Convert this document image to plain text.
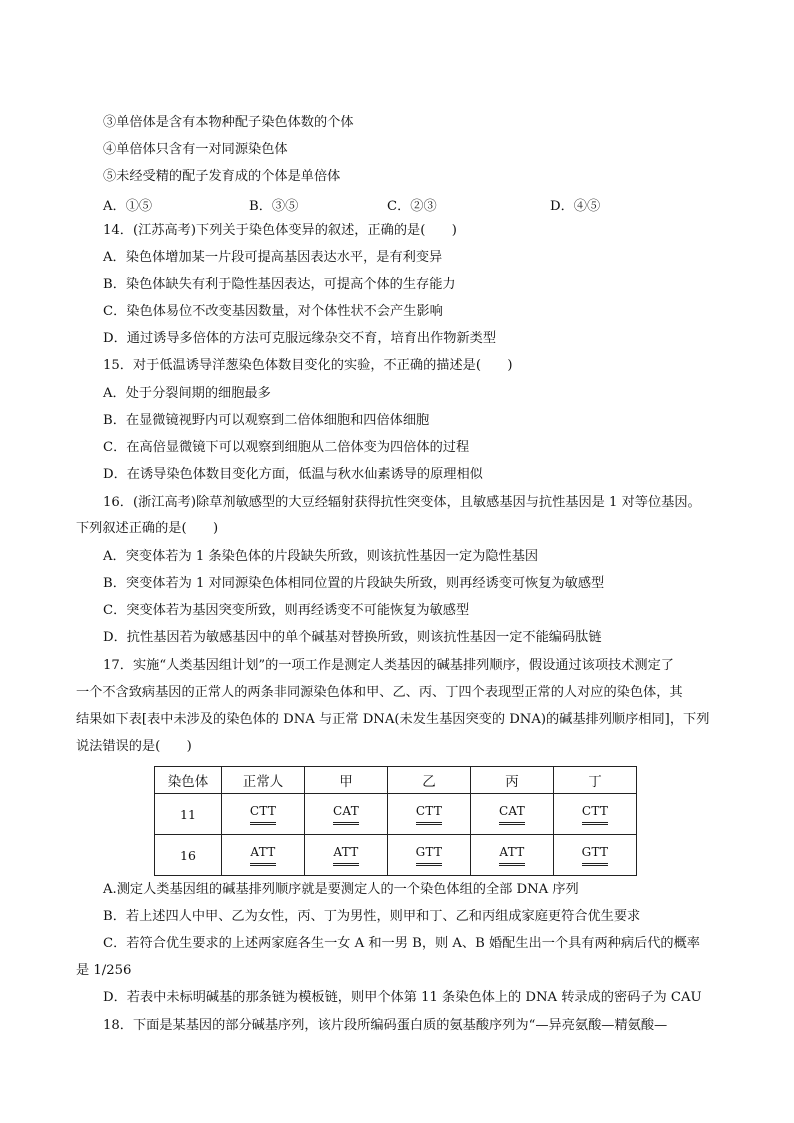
③单倍体是含有本物种配子染色体数的个体
④单倍体只含有一对同源染色体
⑤未经受精的配子发育成的个体是单倍体
A．①⑤	B．③⑤	C．②③	D．④⑤
14．(江苏高考)下列关于染色体变异的叙述，正确的是(　　)
A．染色体增加某一片段可提高基因表达水平，是有利变异
B．染色体缺失有利于隐性基因表达，可提高个体的生存能力
C．染色体易位不改变基因数量，对个体性状不会产生影响
D．通过诱导多倍体的方法可克服远缘杂交不育，培育出作物新类型
15．对于低温诱导洋葱染色体数目变化的实验，不正确的描述是(　　)
A．处于分裂间期的细胞最多
B．在显微镜视野内可以观察到二倍体细胞和四倍体细胞
C．在高倍显微镜下可以观察到细胞从二倍体变为四倍体的过程
D．在诱导染色体数目变化方面，低温与秋水仙素诱导的原理相似
16．(浙江高考)除草剂敏感型的大豆经辐射获得抗性突变体，且敏感基因与抗性基因是 1 对等位基因。
下列叙述正确的是(　　)
A．突变体若为 1 条染色体的片段缺失所致，则该抗性基因一定为隐性基因
B．突变体若为 1 对同源染色体相同位置的片段缺失所致，则再经诱变可恢复为敏感型
C．突变体若为基因突变所致，则再经诱变不可能恢复为敏感型
D．抗性基因若为敏感基因中的单个碱基对替换所致，则该抗性基因一定不能编码肽链
17．实施“人类基因组计划”的一项工作是测定人类基因的碱基排列顺序，假设通过该项技术测定了
一个不含致病基因的正常人的两条非同源染色体和甲、乙、丙、丁四个表现型正常的人对应的染色体，其
结果如下表[表中未涉及的染色体的 DNA 与正常 DNA(未发生基因突变的 DNA)的碱基排列顺序相同]，下列
说法错误的是(　　)
染色体	正常人	甲	乙	丙	丁
11	CTT	CAT	CTT	CAT	CTT
16	ATT	ATT	GTT	ATT	GTT
A.测定人类基因组的碱基排列顺序就是要测定人的一个染色体组的全部 DNA 序列
B．若上述四人中甲、乙为女性，丙、丁为男性，则甲和丁、乙和丙组成家庭更符合优生要求
C．若符合优生要求的上述两家庭各生一女 A 和一男 B，则 A、B 婚配生出一个具有两种病后代的概率
是 1/256
D．若表中未标明碱基的那条链为模板链，则甲个体第 11 条染色体上的 DNA 转录成的密码子为 CAU
18．下面是某基因的部分碱基序列，该片段所编码蛋白质的氨基酸序列为“—异亮氨酸—精氨酸—
